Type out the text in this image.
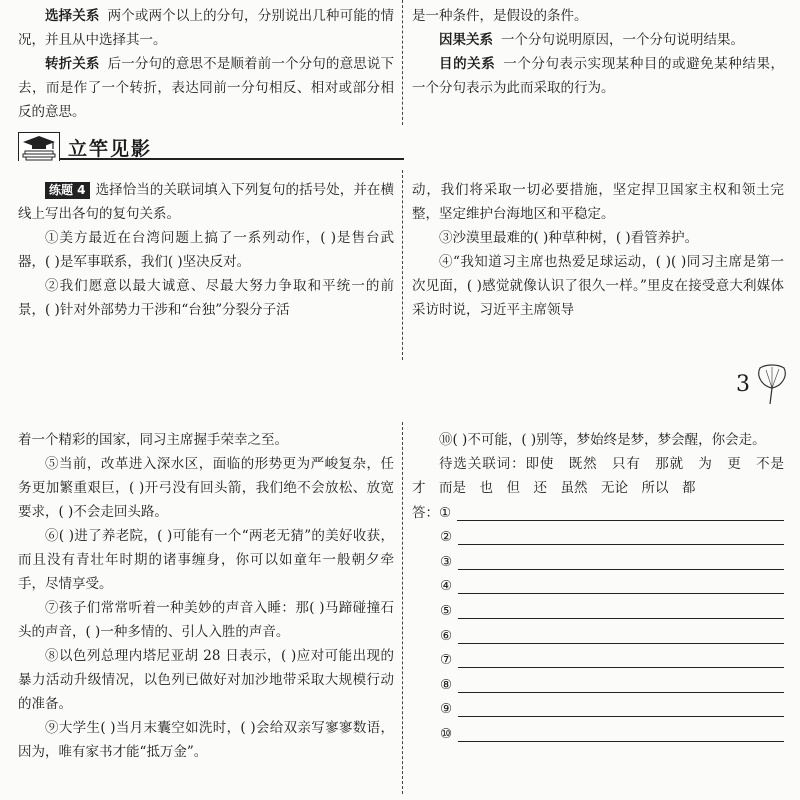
选择关系 两个或两个以上的分句，分别说出几种可能的情况，并且从中选择其一。

转折关系 后一分句的意思不是顺着前一个分句的意思说下去，而是作了一个转折，表达同前一分句相反、相对或部分相反的意思。

是一种条件，是假设的条件。

因果关系 一个分句说明原因，一个分句说明结果。

目的关系 一个分句表示实现某种目的或避免某种结果，一个分句表示为此而采取的行为。

立竿见影

练题 4 选择恰当的关联词填入下列复句的括号处，并在横线上写出各句的复句关系。

①美方最近在台湾问题上搞了一系列动作，( )是售台武器，( )是军事联系，我们( )坚决反对。

②我们愿意以最大诚意、尽最大努力争取和平统一的前景，( )针对外部势力干涉和“台独”分裂分子活

动，我们将采取一切必要措施，坚定捍卫国家主权和领土完整，坚定维护台海地区和平稳定。

③沙漠里最难的( )种草种树，( )看管养护。

④“我知道习主席也热爱足球运动，( )( )同习主席是第一次见面，( )感觉就像认识了很久一样。”里皮在接受意大利媒体采访时说，习近平主席领导

3
着一个精彩的国家，同习主席握手荣幸之至。

⑤当前，改革进入深水区，面临的形势更为严峻复杂，任务更加繁重艰巨，( )开弓没有回头箭，我们绝不会放松、放宽要求，( )不会走回头路。

⑥( )进了养老院，( )可能有一个“两老无猜”的美好收获，而且没有青壮年时期的诸事缠身，你可以如童年一般朝夕牵手，尽情享受。

⑦孩子们常常听着一种美妙的声音入睡：那( )马蹄碰撞石头的声音，( )一种多情的、引人入胜的声音。

⑧以色列总理内塔尼亚胡 28 日表示，( )应对可能出现的暴力活动升级情况，以色列已做好对加沙地带采取大规模行动的准备。

⑨大学生( )当月末囊空如洗时，( )会给双亲写寥寥数语，因为，唯有家书才能“抵万金”。

⑩( )不可能，( )别等，梦始终是梦，梦会醒，你会走。

待选关联词：即使　既然　只有　那就　为　更　不是　才　而是　也　但　还　虽然　无论　所以　都

答： ①
②
③
④
⑤
⑥
⑦
⑧
⑨
⑩
